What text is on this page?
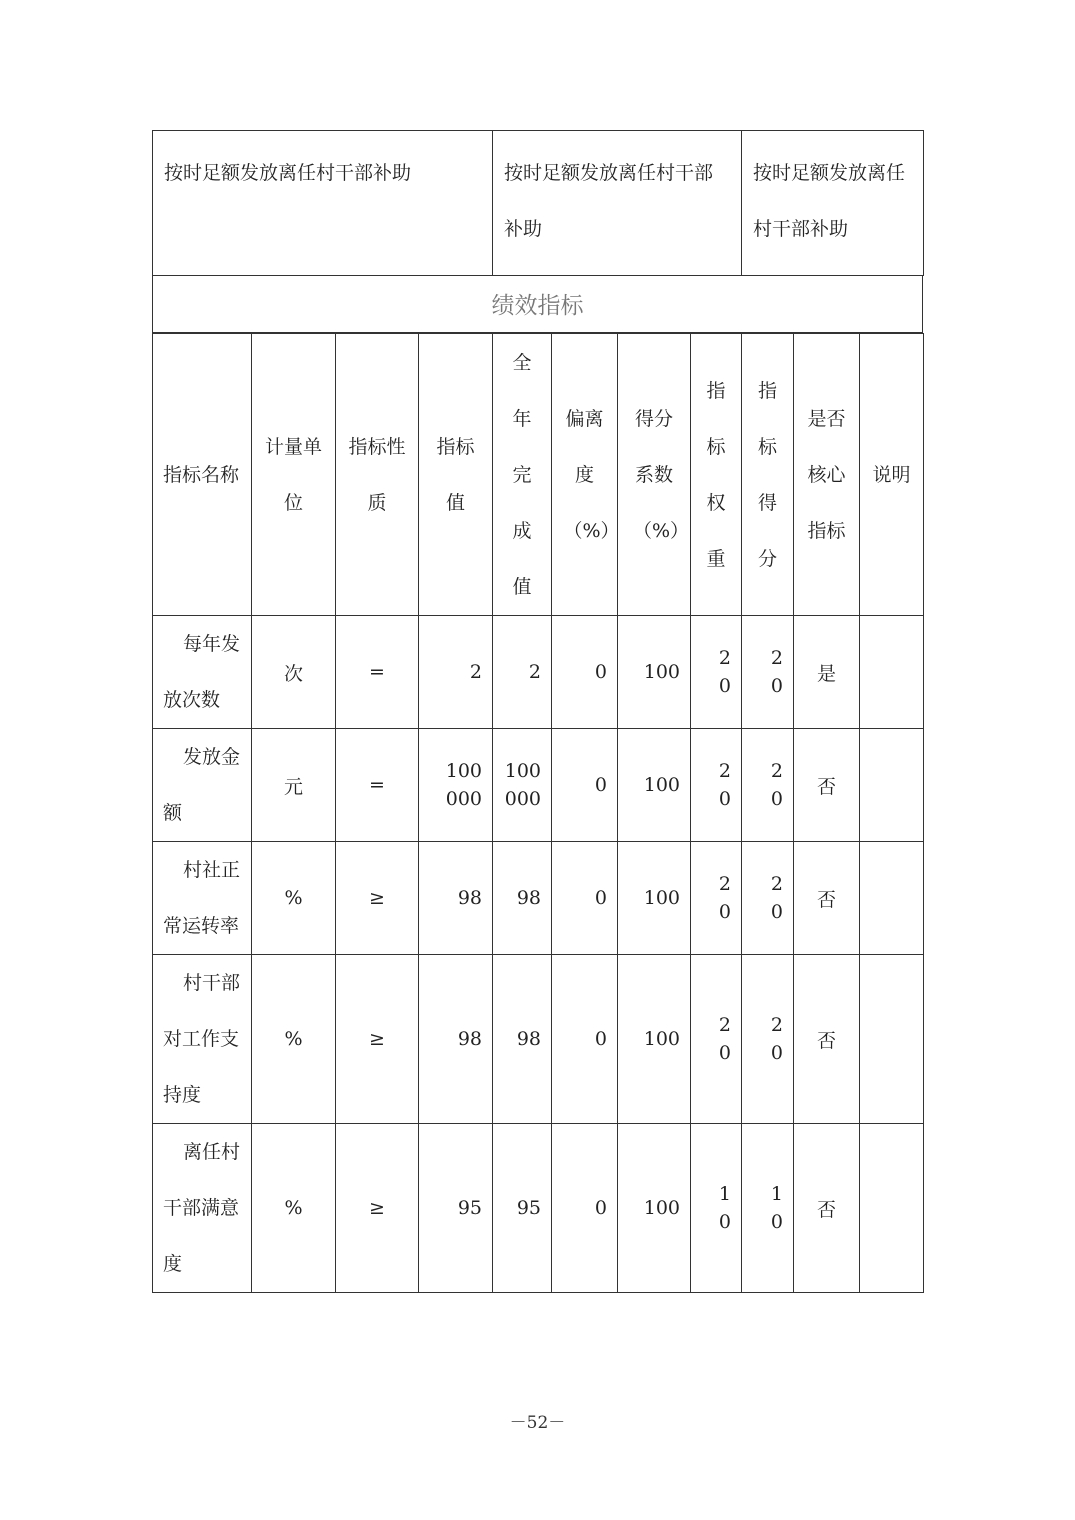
按时足额发放离任村干部补助	按时足额发放离任村干部补助	按时足额发放离任村干部补助
绩效指标
指标名称	计量单位	指标性质	指标值	全年完成值	偏离度（%）	得分系数（%）	指标权重	指标得分	是否核心指标	说明

每年发放次数	次	=	2	2	0	100	20	20	是	

发放金额	元	=	100000	100000	0	100	20	20	否	

村社正常运转率	%	≥	98	98	0	100	20	20	否	

村干部对工作支持度	%	≥	98	98	0	100	20	20	否	

离任村干部满意度	%	≥	95	95	0	100	10	10	否	

－52－
